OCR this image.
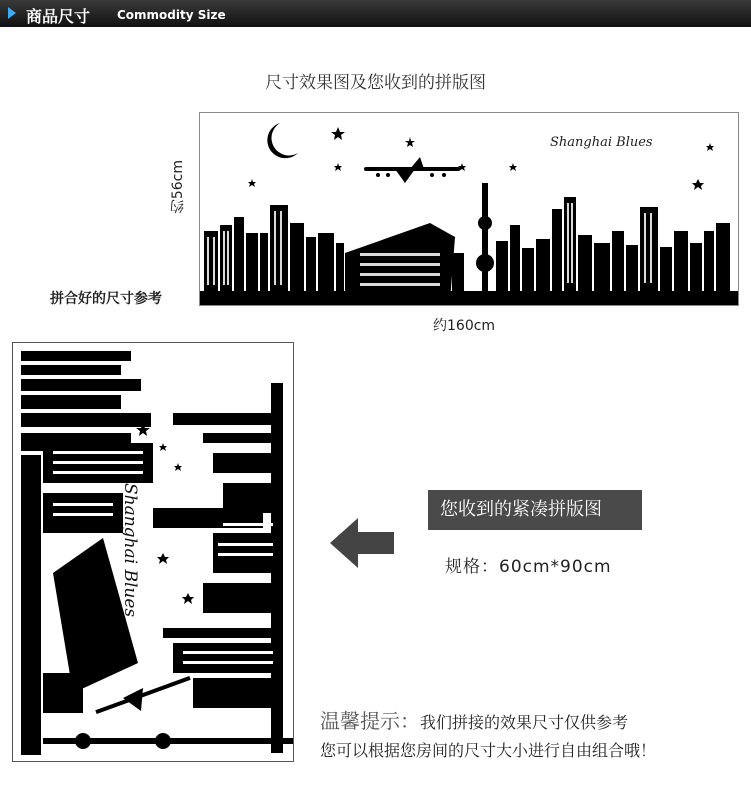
商品尺寸 Commodity Size
尺寸效果图及您收到的拼版图
Shanghai Blues
约56cm
拼合好的尺寸参考
约160cm
Shanghai Blues	您收到的紧凑拼版图
规格：60cm*90cm
温馨提示：我们拼接的效果尺寸仅供参考
您可以根据您房间的尺寸大小进行自由组合哦！
